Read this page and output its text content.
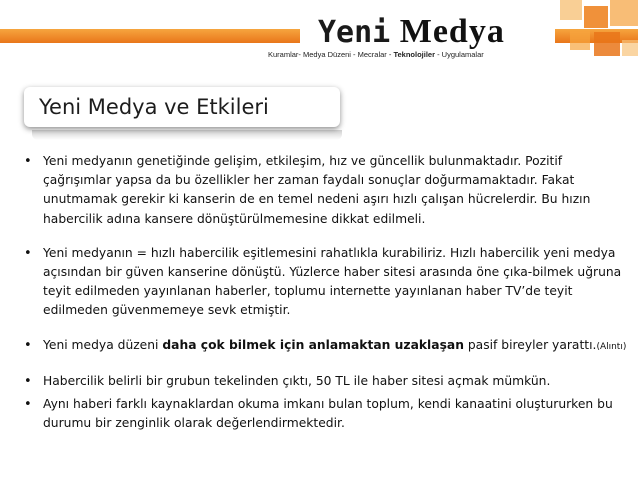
Yeni Medya
Kuramlar- Medya Düzeni - Mecralar - Teknolojiler - Uygulamalar
Yeni Medya ve Etkileri
• Yeni medyanın genetiğinde gelişim, etkileşim, hız ve güncellik bulunmaktadır. Pozitif çağrışımlar yapsa da bu özellikler her zaman faydalı sonuçlar doğurmamaktadır. Fakat unutmamak gerekir ki kanserin de en temel nedeni aşırı hızlı çalışan hücrelerdir. Bu hızın habercilik adına kansere dönüştürülmemesine dikkat edilmeli.
• Yeni medyanın = hızlı habercilik eşitlemesini rahatlıkla kurabiliriz. Hızlı habercilik yeni medya açısından bir güven kanserine dönüştü. Yüzlerce haber sitesi arasında öne çıka-bilmek uğruna teyit edilmeden yayınlanan haberler, toplumu internette yayınlanan haber TV’de teyit edilmeden güvenmemeye sevk etmiştir.
• Yeni medya düzeni daha çok bilmek için anlamaktan uzaklaşan pasif bireyler yarattı.(Alıntı)
• Habercilik belirli bir grubun tekelinden çıktı, 50 TL ile haber sitesi açmak mümkün.
• Aynı haberi farklı kaynaklardan okuma imkanı bulan toplum, kendi kanaatini oluştururken bu durumu bir zenginlik olarak değerlendirmektedir.
